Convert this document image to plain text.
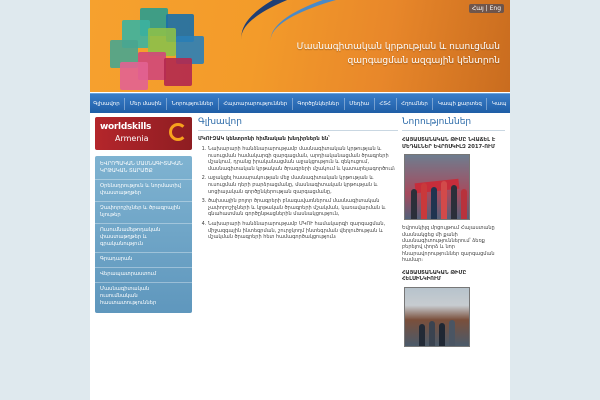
Հայ | Eng
Մասնագիտական կրթության և ուսուցման
զարգացման ազգային կենտրոն
Գլխավոր	Մեր մասին	Նորություններ	Հայտարարություններ	Գործընկերներ	Մեդիա	ՀՏՀ	Հղումներ	Կապի քարտեզ	Կապ
worldskills
Armenia
ԵՎՐՈՊԱԿԱՆ ՄԱՍՆԱԳԻՏԱԿԱՆ ԿՐԹԱԿԱՆ ՏԱՐԱԾՔ
Օրենսդրություն և նորմատիվ փաստաթղթեր
Չափորոշիչներ և ծրագրային նյութեր
Ուսումնամեթոդական փաստաթղթեր և գրականություն
Գրադարան
Վերապատրաստում
Մասնագիտական ուսումնական հաստատություններ
Գլխավոր
ՄԿՈՒԶԱԿ կենտրոնի հիմնական խնդիրներն են՝
1. Նախարարի հանձնարարությամբ մասնագիտական կրթության և ուսուցման համակարգի զարգացման, արդիականացման ծրագրերի մշակում, դրանց իրականացման աջակցություն և զեկուցում, մասնագիտական կրթական ծրագրերի մշակում և կատարելագործում։
2. աջակցել հասարակության մեջ մասնագիտական կրթության և ուսուցման դերի բարձրացմանը, մասնագիտական կրթության և սոցիալական գործընկերության զարգացմանը,
3. ծախսային բոլոր ծրագրերի բնագավառներում մասնագիտական չափորոշիչների և կրթական ծրագրերի մշակման, կառավարման և գնահատման գործընթացներին մասնակցություն,
4. Նախարարի հանձնարարությամբ ՄԿՈՒ համակարգի զարգացման, միջազգային ինտեգրման, շուրջկողմ ինտեգրման վերլուծության և մշակման ծրագրերի հետ համագործակցություն։
Նորություններ
ՀԱՅԱՍՏԱՆԱԿԱՆ ԹԻՄԸ ՆՎԱՃԵԼ Է ՄԵԴԱԼՆԵՐ ԵՎՐՈՍԿԻԼԶ 2017-ՈՒՄ
Եվրոսկիլզ մրցույթում Հայաստանը մասնակցեց մի քանի մասնագիտություններում՝ ձեռք բերելով փորձ և նոր հնարավորություններ զարգացման համար։
ՀԱՅԱՍՏԱՆԱԿԱՆ ԹԻՄԸ ՀԵԼՍԻՆԿԻՈՒՄ
